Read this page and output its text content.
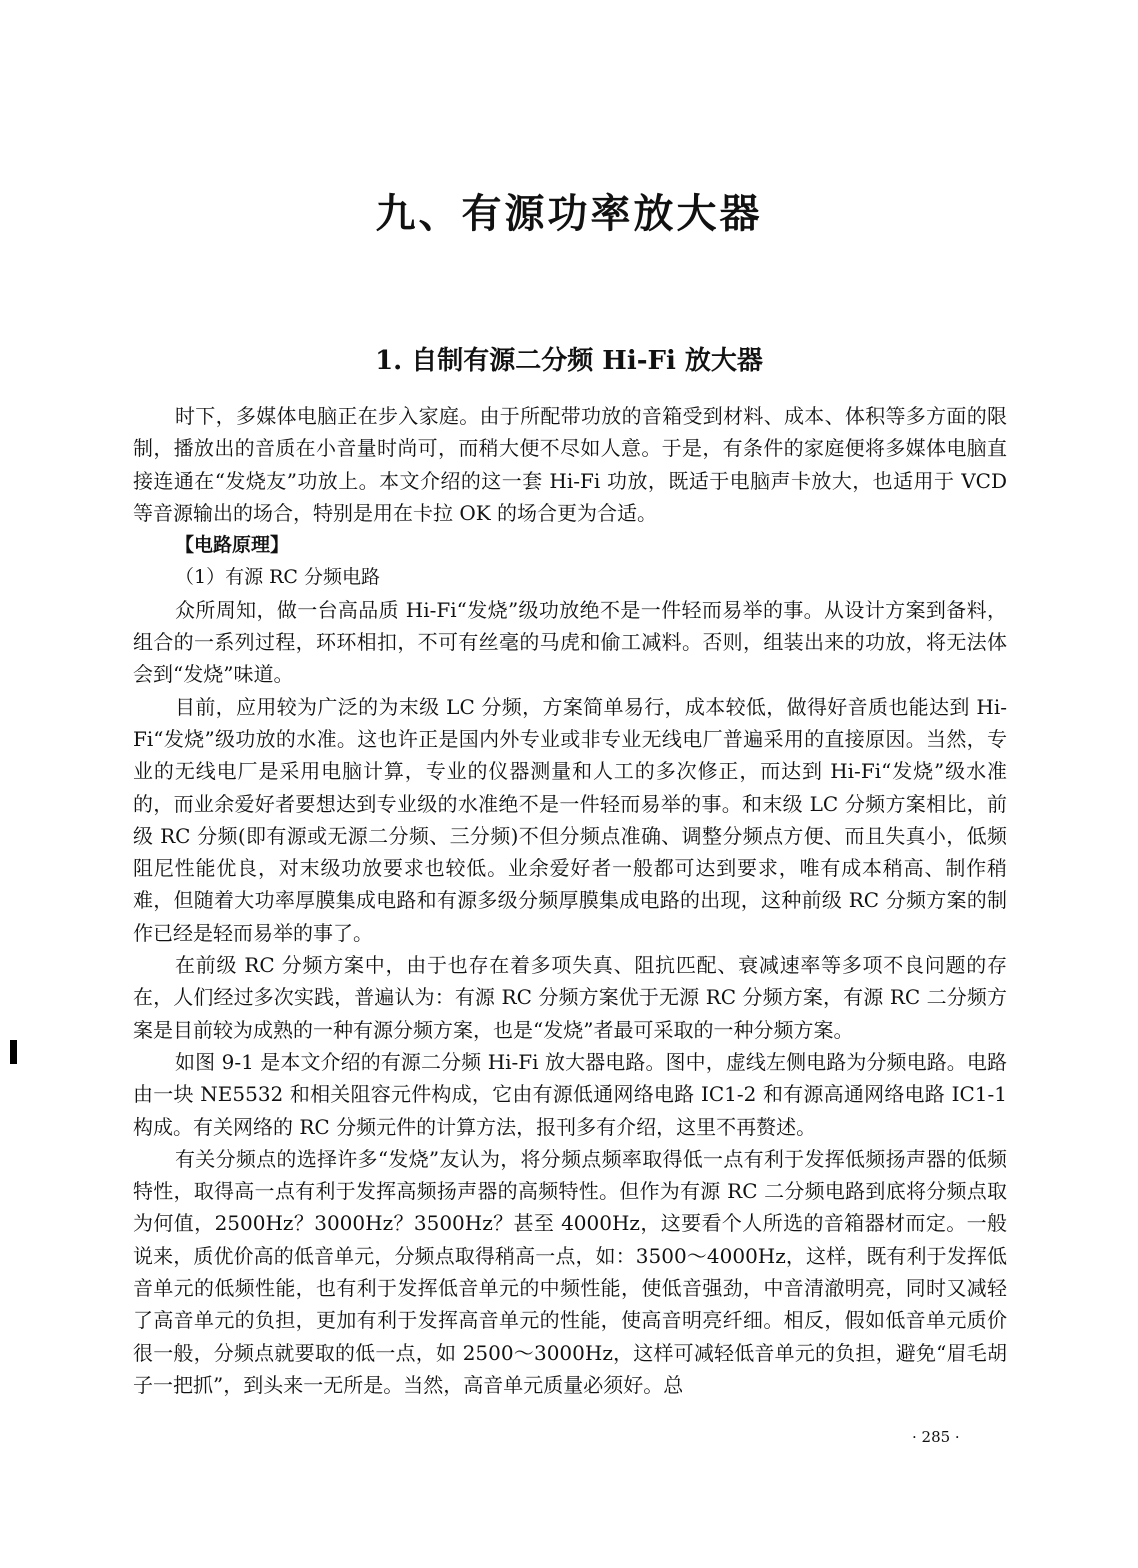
九、有源功率放大器
1. 自制有源二分频 Hi-Fi 放大器

时下，多媒体电脑正在步入家庭。由于所配带功放的音箱受到材料、成本、体积等多方面的限制，播放出的音质在小音量时尚可，而稍大便不尽如人意。于是，有条件的家庭便将多媒体电脑直接连通在“发烧友”功放上。本文介绍的这一套 Hi-Fi 功放，既适于电脑声卡放大，也适用于 VCD 等音源输出的场合，特别是用在卡拉 OK 的场合更为合适。

【电路原理】

（1）有源 RC 分频电路

众所周知，做一台高品质 Hi-Fi“发烧”级功放绝不是一件轻而易举的事。从设计方案到备料，组合的一系列过程，环环相扣，不可有丝毫的马虎和偷工减料。否则，组装出来的功放，将无法体会到“发烧”味道。

目前，应用较为广泛的为末级 LC 分频，方案简单易行，成本较低，做得好音质也能达到 Hi-Fi“发烧”级功放的水准。这也许正是国内外专业或非专业无线电厂普遍采用的直接原因。当然，专业的无线电厂是采用电脑计算，专业的仪器测量和人工的多次修正，而达到 Hi-Fi“发烧”级水准的，而业余爱好者要想达到专业级的水准绝不是一件轻而易举的事。和末级 LC 分频方案相比，前级 RC 分频(即有源或无源二分频、三分频)不但分频点准确、调整分频点方便、而且失真小，低频阻尼性能优良，对末级功放要求也较低。业余爱好者一般都可达到要求，唯有成本稍高、制作稍难，但随着大功率厚膜集成电路和有源多级分频厚膜集成电路的出现，这种前级 RC 分频方案的制作已经是轻而易举的事了。

在前级 RC 分频方案中，由于也存在着多项失真、阻抗匹配、衰减速率等多项不良问题的存在，人们经过多次实践，普遍认为：有源 RC 分频方案优于无源 RC 分频方案，有源 RC 二分频方案是目前较为成熟的一种有源分频方案，也是“发烧”者最可采取的一种分频方案。

如图 9-1 是本文介绍的有源二分频 Hi-Fi 放大器电路。图中，虚线左侧电路为分频电路。电路由一块 NE5532 和相关阻容元件构成，它由有源低通网络电路 IC1-2 和有源高通网络电路 IC1-1 构成。有关网络的 RC 分频元件的计算方法，报刊多有介绍，这里不再赘述。

有关分频点的选择许多“发烧”友认为，将分频点频率取得低一点有利于发挥低频扬声器的低频特性，取得高一点有利于发挥高频扬声器的高频特性。但作为有源 RC 二分频电路到底将分频点取为何值，2500Hz？3000Hz？3500Hz？甚至 4000Hz，这要看个人所选的音箱器材而定。一般说来，质优价高的低音单元，分频点取得稍高一点，如：3500～4000Hz，这样，既有利于发挥低音单元的低频性能，也有利于发挥低音单元的中频性能，使低音强劲，中音清澈明亮，同时又减轻了高音单元的负担，更加有利于发挥高音单元的性能，使高音明亮纤细。相反，假如低音单元质价很一般，分频点就要取的低一点，如 2500～3000Hz，这样可减轻低音单元的负担，避免“眉毛胡子一把抓”，到头来一无所是。当然，高音单元质量必须好。总

· 285 ·
